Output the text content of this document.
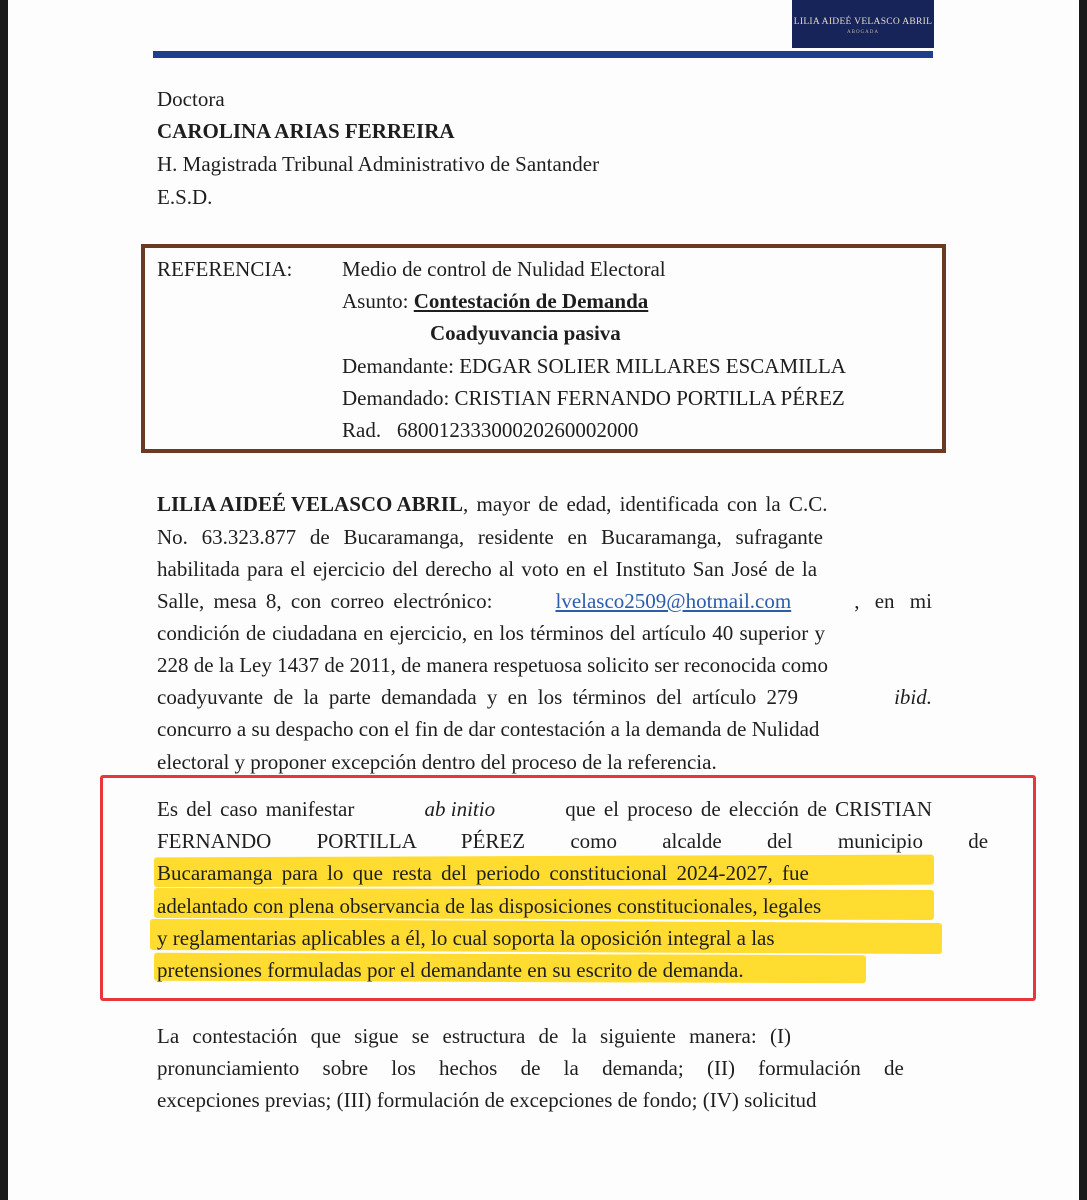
LILIA AIDEÉ VELASCO ABRIL
ABOGADA
Doctora
CAROLINA ARIAS FERREIRA
H. Magistrada Tribunal Administrativo de Santander
E.S.D.
REFERENCIA: Medio de control de Nulidad Electoral
Asunto: Contestación de Demanda
Coadyuvancia pasiva
Demandante: EDGAR SOLIER MILLARES ESCAMILLA
Demandado: CRISTIAN FERNANDO PORTILLA PÉREZ
Rad. 68001233300020260002000
LILIA AIDEÉ VELASCO ABRIL, mayor de edad, identificada con la C.C.
No. 63.323.877 de Bucaramanga, residente en Bucaramanga, sufragante
habilitada para el ejercicio del derecho al voto en el Instituto San José de la
Salle, mesa 8, con correo electrónico:	lvelasco2509@hotmail.com	, en mi
condición de ciudadana en ejercicio, en los términos del artículo 40 superior y
228 de la Ley 1437 de 2011, de manera respetuosa solicito ser reconocida como
coadyuvante de la parte demandada y en los términos del artículo 279	ibid.
concurro a su despacho con el fin de dar contestación a la demanda de Nulidad
electoral y proponer excepción dentro del proceso de la referencia.
Es del caso manifestar	ab initio	que el proceso de elección de CRISTIAN
FERNANDO PORTILLA PÉREZ como alcalde del municipio de
Bucaramanga para lo que resta del periodo constitucional 2024-2027, fue
adelantado con plena observancia de las disposiciones constitucionales, legales
y reglamentarias aplicables a él, lo cual soporta la oposición integral a las
pretensiones formuladas por el demandante en su escrito de demanda.
La contestación que sigue se estructura de la siguiente manera: (I)
pronunciamiento sobre los hechos de la demanda; (II) formulación de
excepciones previas; (III) formulación de excepciones de fondo; (IV) solicitud
